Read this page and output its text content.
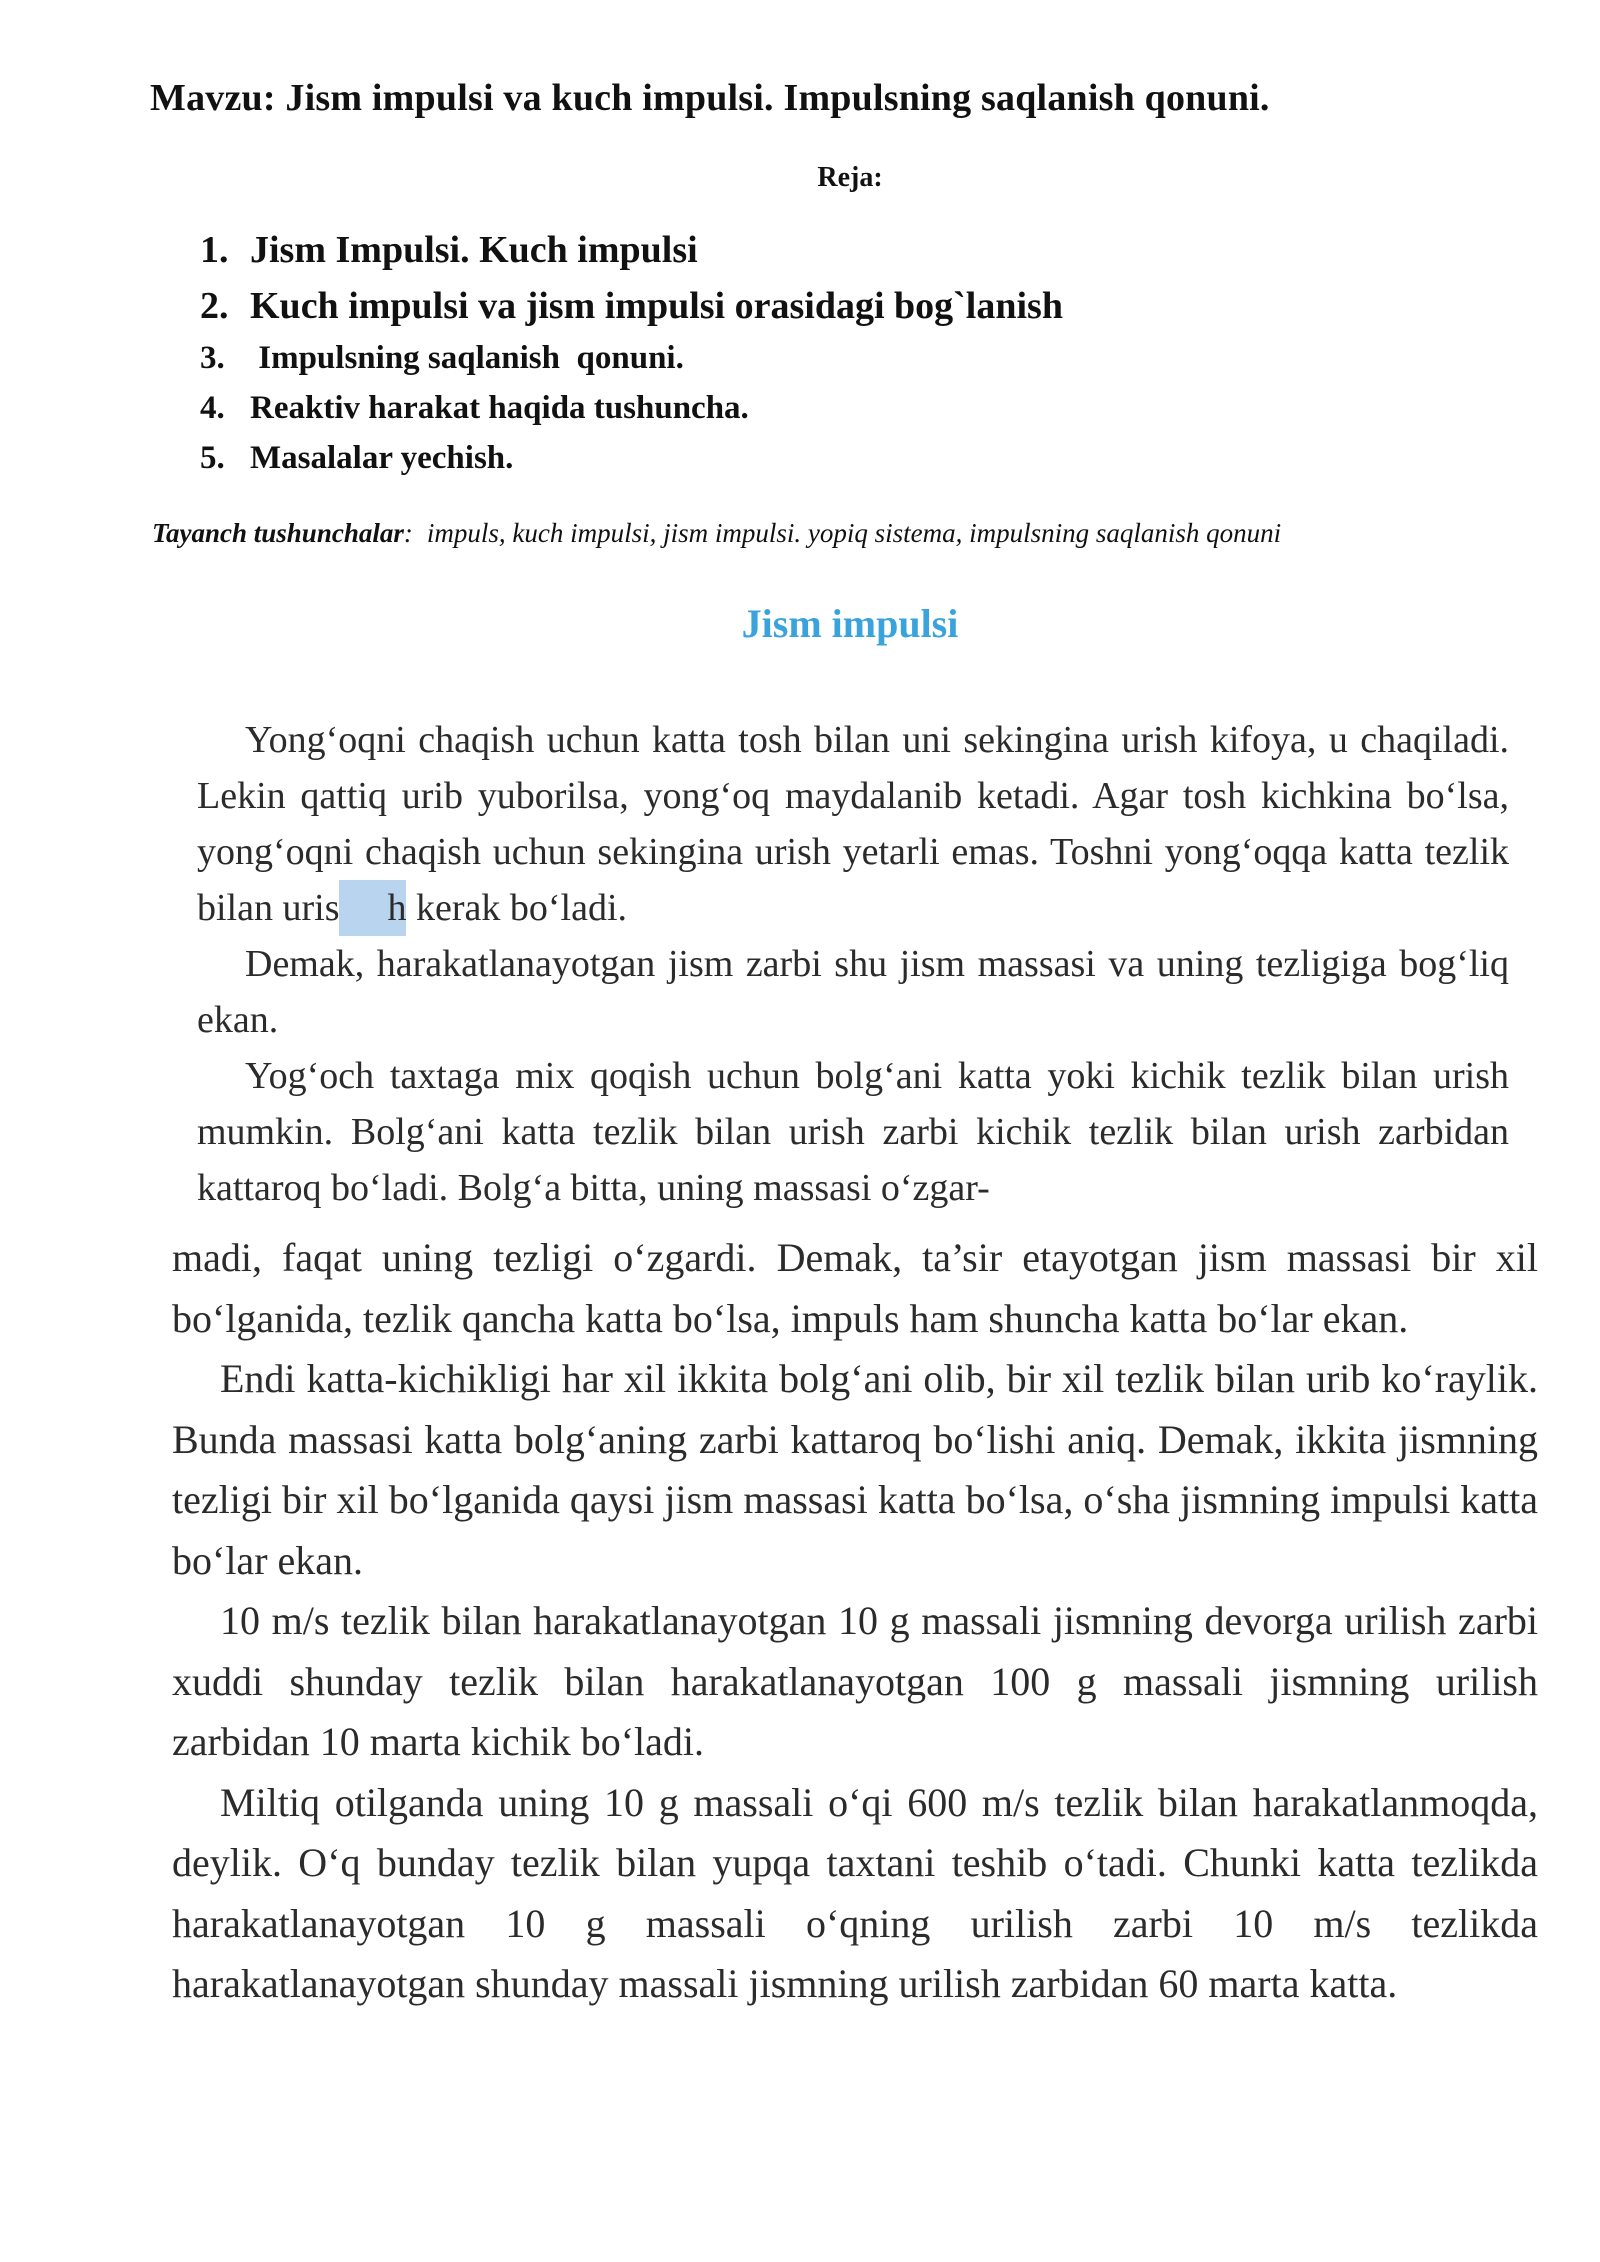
Mavzu: Jism impulsi va kuch impulsi. Impulsning saqlanish qonuni.
Reja:
1. Jism Impulsi. Kuch impulsi
2. Kuch impulsi va jism impulsi orasidagi bog`lanish
3. Impulsning saqlanish  qonuni.
4. Reaktiv harakat haqida tushuncha.
5. Masalalar yechish.
Tayanch tushunchalar: impuls, kuch impulsi, jism impulsi. yopiq sistema, impulsning saqlanish qonuni
Jism impulsi

Yong‘oqni chaqish uchun katta tosh bilan uni sekingina urish kifoya, u chaqiladi. Lekin qattiq urib yuborilsa, yong‘oq maydalanib ketadi. Agar tosh kichkina bo‘lsa, yong‘oqni chaqish uchun sekingina urish yetarli emas. Toshni yong‘oqqa katta tezlik bilan uris h kerak bo‘ladi.

Demak, harakatlanayotgan jism zarbi shu jism massasi va uning tezligiga bog‘liq ekan.

Yog‘och taxtaga mix qoqish uchun bolg‘ani katta yoki kichik tezlik bilan urish mumkin. Bolg‘ani katta tezlik bilan urish zarbi kichik tezlik bilan urish zarbidan kattaroq bo‘ladi. Bolg‘a bitta, uning massasi o‘zgar-

madi, faqat uning tezligi o‘zgardi. Demak, ta’sir etayotgan jism massasi bir xil bo‘lganida, tezlik qancha katta bo‘lsa, impuls ham shuncha katta bo‘lar ekan.

Endi katta-kichikligi har xil ikkita bolg‘ani olib, bir xil tezlik bilan urib ko‘raylik. Bunda massasi katta bolg‘aning zarbi kattaroq bo‘lishi aniq. Demak, ikkita jismning tezligi bir xil bo‘lganida qaysi jism massasi katta bo‘lsa, o‘sha jismning impulsi katta bo‘lar ekan.

10 m/s tezlik bilan harakatlanayotgan 10 g massali jismning devorga urilish zarbi xuddi shunday tezlik bilan harakatlanayotgan 100 g massali jismning urilish zarbidan 10 marta kichik bo‘ladi.

Miltiq otilganda uning 10 g massali o‘qi 600 m/s tezlik bilan harakatlanmoqda, deylik. O‘q bunday tezlik bilan yupqa taxtani teshib o‘tadi. Chunki katta tezlikda harakatlanayotgan 10 g massali o‘qning urilish zarbi 10 m/s tezlikda harakatlanayotgan shunday massali jismning urilish zarbidan 60 marta katta.
